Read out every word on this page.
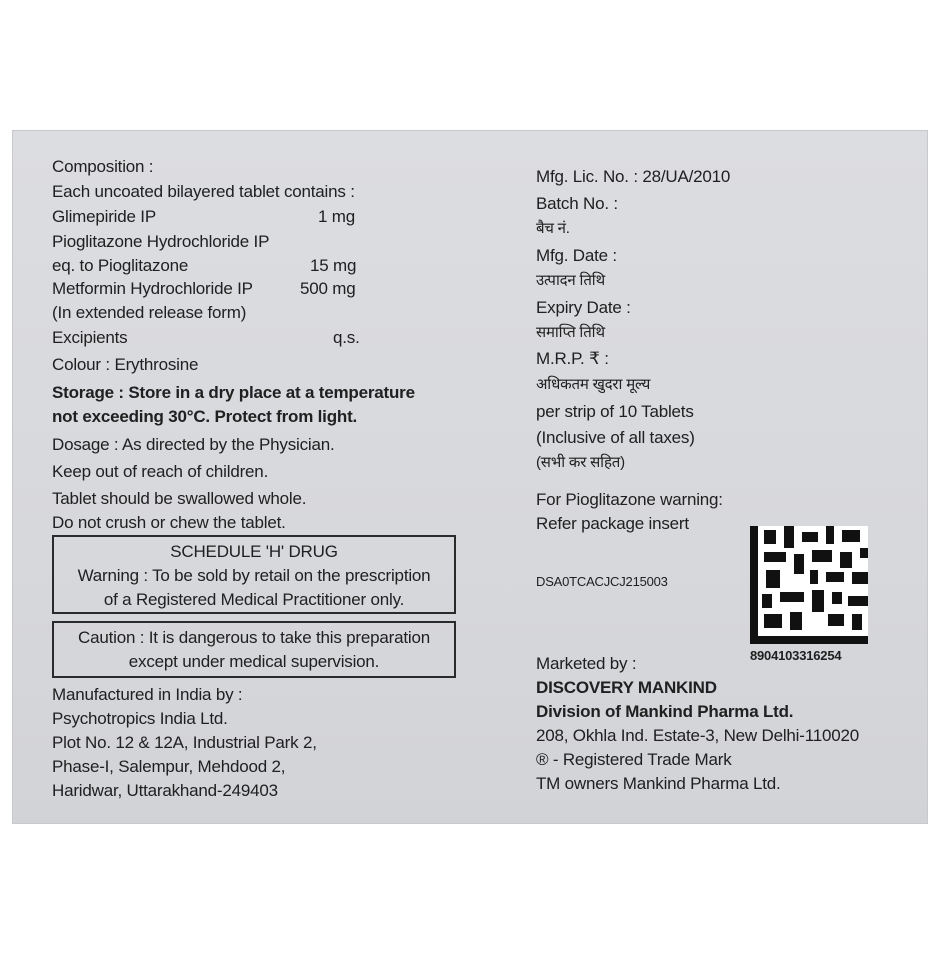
Composition :
Each uncoated bilayered tablet contains :
Glimepiride IP	1 mg
Pioglitazone Hydrochloride IP
eq. to Pioglitazone	15 mg
Metformin Hydrochloride IP	500 mg
(In extended release form)
Excipients	q.s.
Colour : Erythrosine
Storage : Store in a dry place at a temperature
not exceeding 30°C. Protect from light.
Dosage : As directed by the Physician.
Keep out of reach of children.
Tablet should be swallowed whole.
Do not crush or chew the tablet.
SCHEDULE 'H' DRUG
Warning : To be sold by retail on the prescription
of a Registered Medical Practitioner only.
Caution : It is dangerous to take this preparation
except under medical supervision.
Manufactured in India by :
Psychotropics India Ltd.
Plot No. 12 & 12A, Industrial Park 2,
Phase-I, Salempur, Mehdood 2,
Haridwar, Uttarakhand-249403
Mfg. Lic. No. : 28/UA/2010
Batch No. :
बैच नं.
Mfg. Date :
उत्पादन तिथि
Expiry Date :
समाप्ति तिथि
M.R.P. ₹ :
अधिकतम खुदरा मूल्य
per strip of 10 Tablets
(Inclusive of all taxes)
(सभी कर सहित)
For Pioglitazone warning:
Refer package insert
DSA0TCACJCJ215003
8904103316254
Marketed by :
DISCOVERY MANKIND
Division of Mankind Pharma Ltd.
208, Okhla Ind. Estate-3, New Delhi-110020
® - Registered Trade Mark
TM owners Mankind Pharma Ltd.
